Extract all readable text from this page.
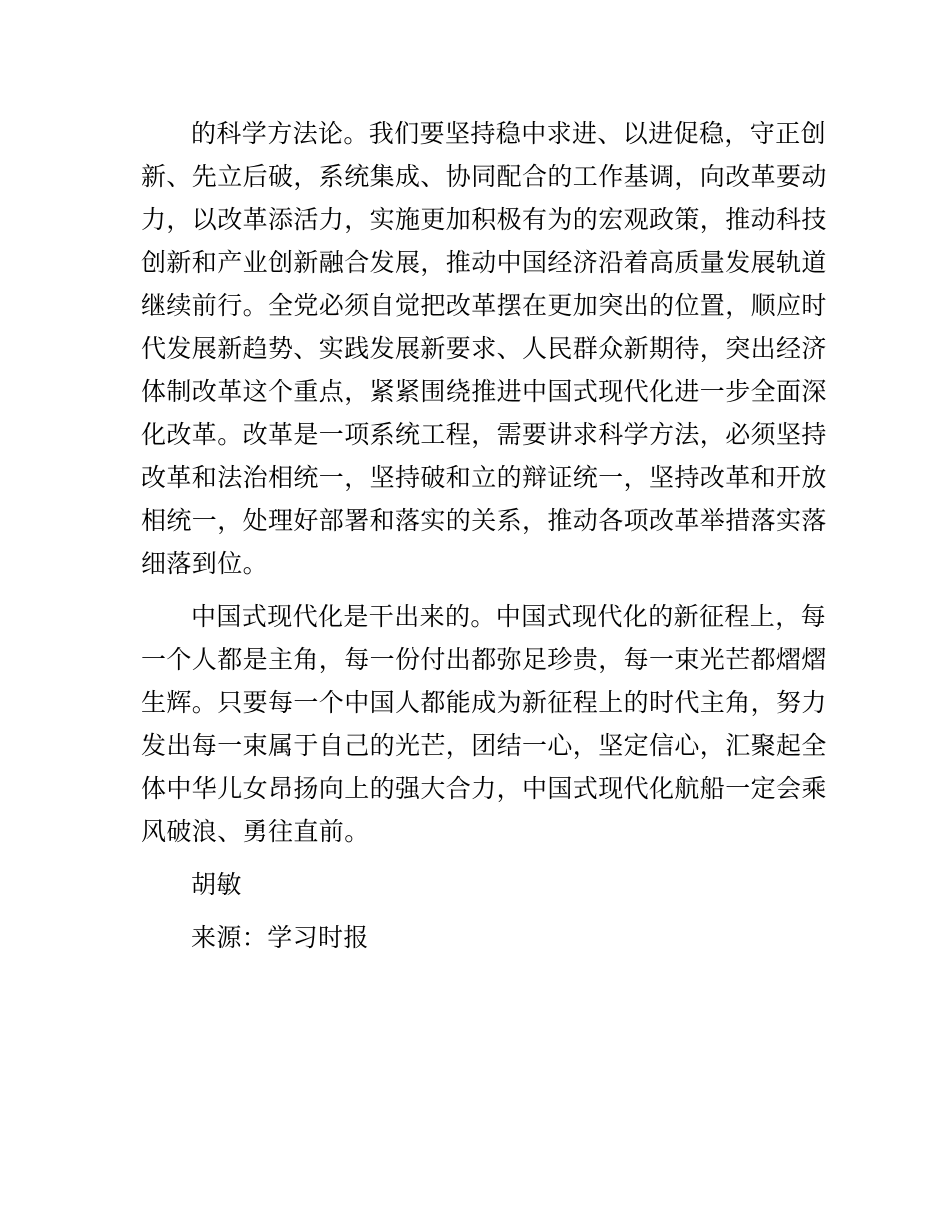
的科学方法论。我们要坚持稳中求进、以进促稳，守正创
新、先立后破，系统集成、协同配合的工作基调，向改革要动
力，以改革添活力，实施更加积极有为的宏观政策，推动科技
创新和产业创新融合发展，推动中国经济沿着高质量发展轨道
继续前行。全党必须自觉把改革摆在更加突出的位置，顺应时
代发展新趋势、实践发展新要求、人民群众新期待，突出经济
体制改革这个重点，紧紧围绕推进中国式现代化进一步全面深
化改革。改革是一项系统工程，需要讲求科学方法，必须坚持
改革和法治相统一，坚持破和立的辩证统一，坚持改革和开放
相统一，处理好部署和落实的关系，推动各项改革举措落实落
细落到位。
中国式现代化是干出来的。中国式现代化的新征程上，每
一个人都是主角，每一份付出都弥足珍贵，每一束光芒都熠熠
生辉。只要每一个中国人都能成为新征程上的时代主角，努力
发出每一束属于自己的光芒，团结一心，坚定信心，汇聚起全
体中华儿女昂扬向上的强大合力，中国式现代化航船一定会乘
风破浪、勇往直前。
胡敏
来源：学习时报
